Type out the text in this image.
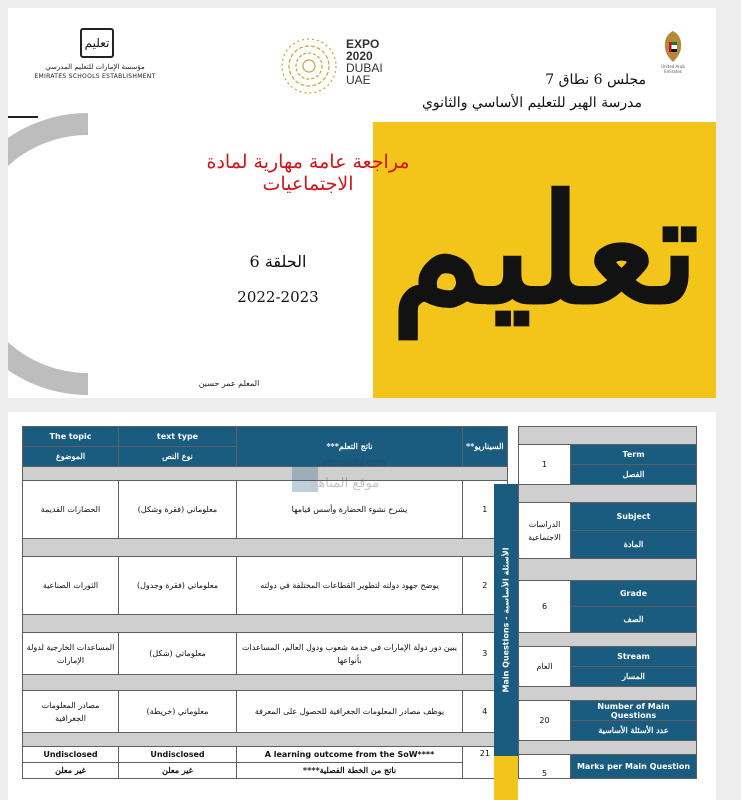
تعليم
مؤسسة الإمارات للتعليم المدرسي
EMIRATES SCHOOLS ESTABLISHMENT
EXPO
2020
DUBAI
UAE
United Arab Emirates
مجلس 6 نطاق 7
مدرسة الهير للتعليم الأساسي والثانوي
تعليم
مراجعة عامة مهارية لمادة الاجتماعيات
الحلقة 6
2022-2023
المعلم عمر حسين
The topic	text type	ناتج التعلم***	السيناريو**
الموضوع	نوع النص		

الحضارات القديمة	معلوماتي (فقرة وشكل)	يشرح نشوء الحضارة وأسس قيامها	1

الثورات الصناعية	معلوماتي (فقرة وجدول)	يوضح جهود دولته لتطوير القطاعات المختلفة في دولته	2

المساعدات الخارجية لدولة الإمارات	معلوماتي (شكل)	يبين دور دولة الإمارات في خدمة شعوب ودول العالم، المساعدات بأنواعها	3

مصادر المعلومات الجغرافية	معلوماتي (خريطة)	يوظف مصادر المعلومات الجغرافية للحصول على المعرفة	4

Undisclosed	Undisclosed	A learning outcome from the SoW****	21
غير معلن	غير معلن	ناتج من الخطة الفصلية****	
Main Questions - الأسئلة الأساسية
almanahj.com
موقع المناهج

1	Term
	الفصل

الدراسات الاجتماعية	Subject
	المادة

6	Grade
	الصف

العام	Stream
	المسار

20	Number of Main Questions
	عدد الأسئلة الأساسية

5	Marks per Main Question
